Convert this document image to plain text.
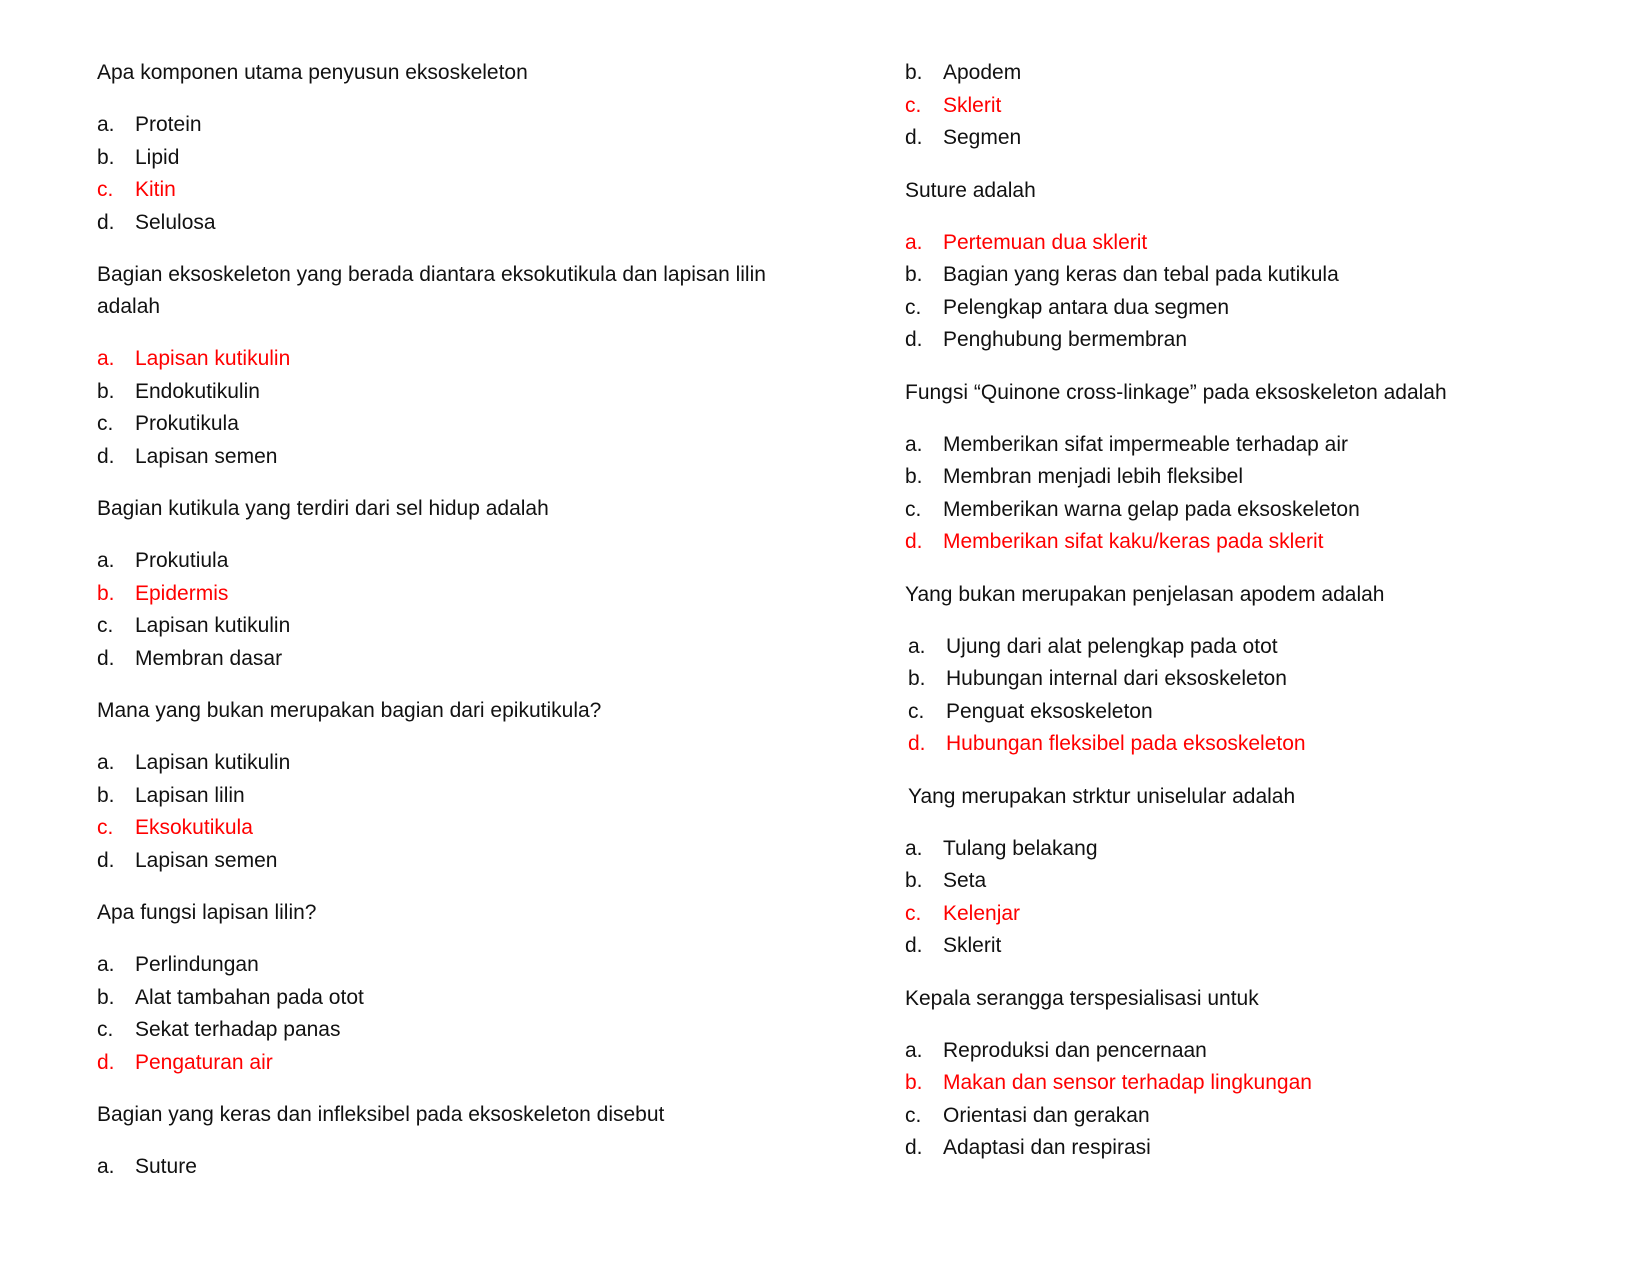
Apa komponen utama penyusun eksoskeleton

a. Protein
b. Lipid
c.	Kitin
d. Selulosa

Bagian eksoskeleton yang berada diantara eksokutikula dan lapisan lilin adalah

a. Lapisan kutikulin
b. Endokutikulin
c.	Prokutikula
d. Lapisan semen

Bagian kutikula yang terdiri dari sel hidup adalah

a. Prokutiula
b. Epidermis
c.	Lapisan kutikulin
d. Membran dasar

Mana yang bukan merupakan bagian dari epikutikula?

a. Lapisan kutikulin
b. Lapisan lilin
c.	Eksokutikula
d. Lapisan semen

Apa fungsi lapisan lilin?

a. Perlindungan
b. Alat tambahan pada otot
c.	Sekat terhadap panas
d. Pengaturan air

Bagian yang keras dan infleksibel pada eksoskeleton disebut

a. Suture
b. Apodem
c.	Sklerit
d. Segmen

Suture adalah

a. Pertemuan dua sklerit
b. Bagian yang keras dan tebal pada kutikula
c.	Pelengkap antara dua segmen
d. Penghubung bermembran

Fungsi “Quinone cross-linkage” pada eksoskeleton adalah

a. Memberikan sifat impermeable terhadap air
b. Membran menjadi lebih fleksibel
c.	Memberikan warna gelap pada eksoskeleton
d. Memberikan sifat kaku/keras pada sklerit

Yang bukan merupakan penjelasan apodem adalah

a. Ujung dari alat pelengkap pada otot
b. Hubungan internal dari eksoskeleton
c.	Penguat eksoskeleton
d. Hubungan fleksibel pada eksoskeleton

Yang merupakan strktur uniselular adalah

a. Tulang belakang
b. Seta
c.	Kelenjar
d. Sklerit

Kepala serangga terspesialisasi untuk

a. Reproduksi dan pencernaan
b. Makan dan sensor terhadap lingkungan
c.	Orientasi dan gerakan
d. Adaptasi dan respirasi
